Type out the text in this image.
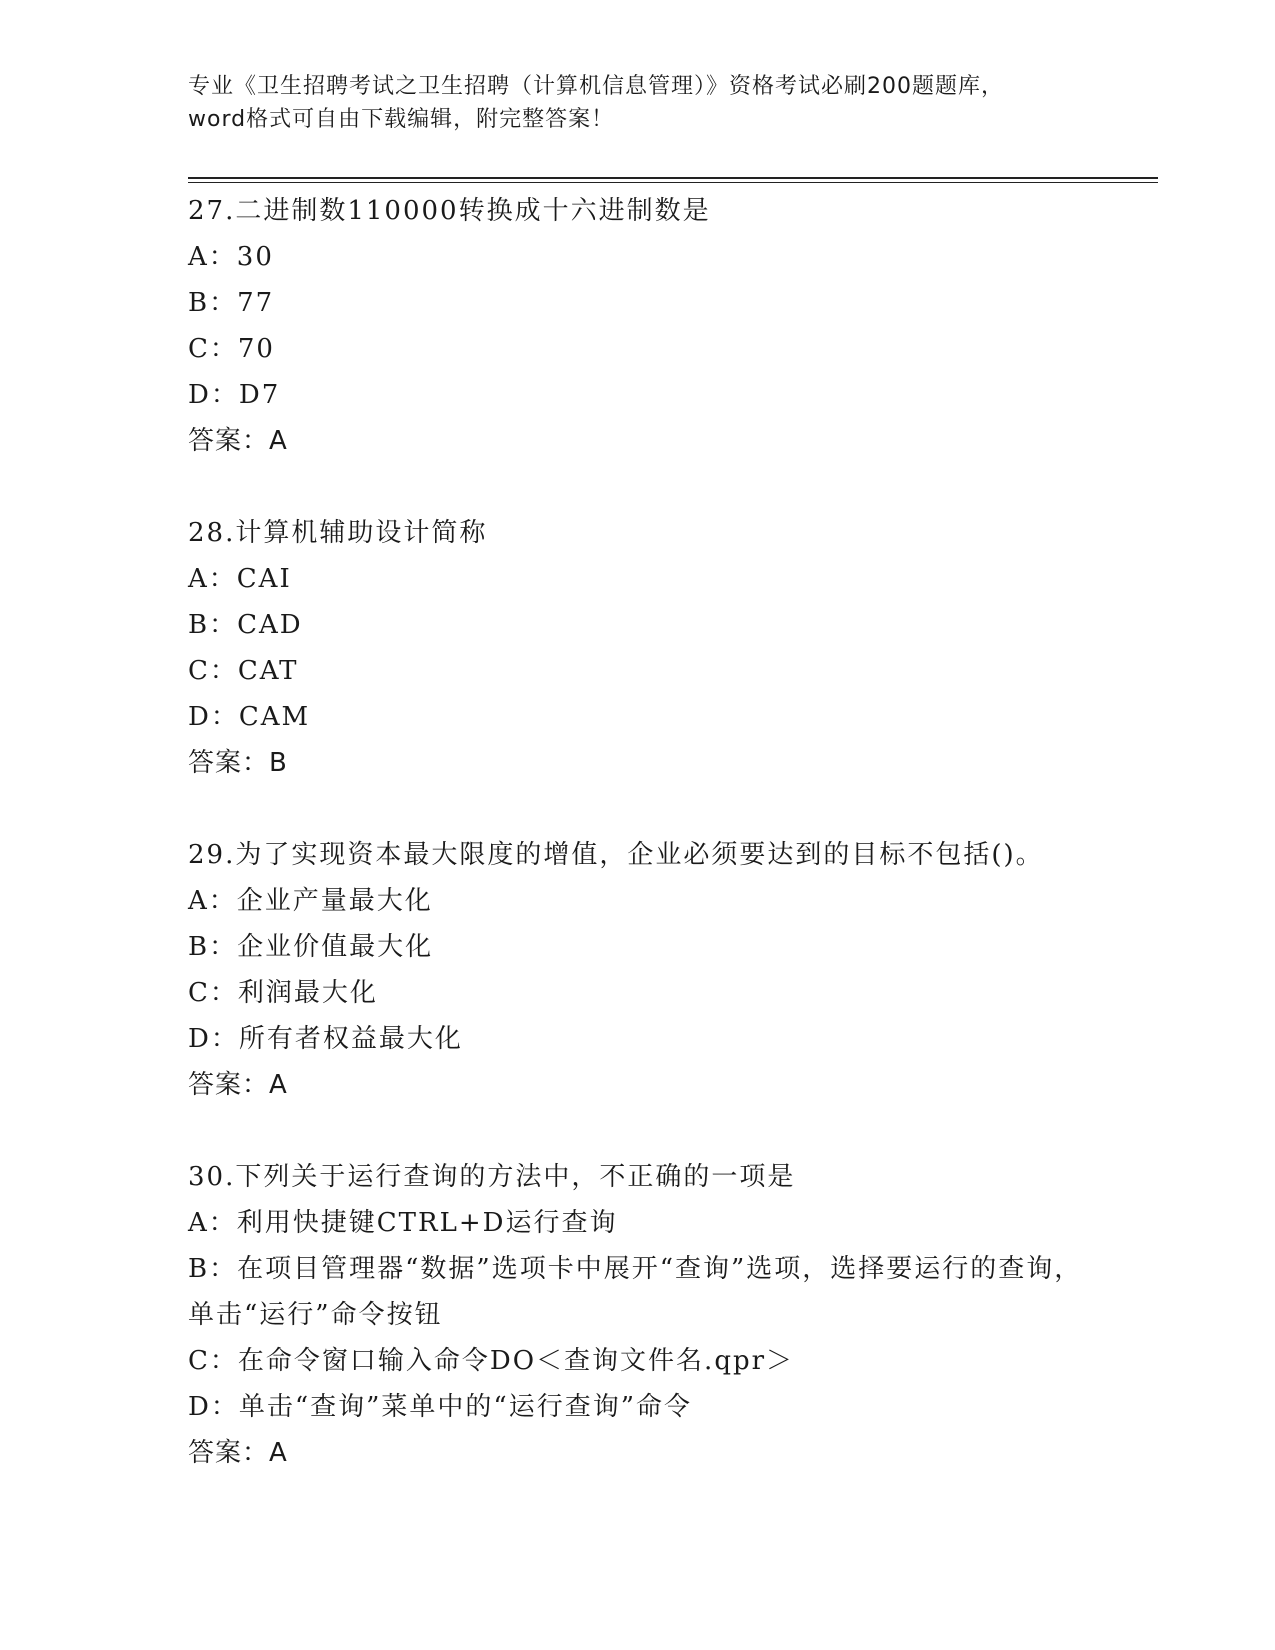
专业《卫生招聘考试之卫生招聘（计算机信息管理）》资格考试必刷200题题库，
word格式可自由下载编辑，附完整答案！
27.二进制数110000转换成十六进制数是
A：30
B：77
C：70
D：D7
答案：A
28.计算机辅助设计简称
A：CAI
B：CAD
C：CAT
D：CAM
答案：B
29.为了实现资本最大限度的增值，企业必须要达到的目标不包括()。
A：企业产量最大化
B：企业价值最大化
C：利润最大化
D：所有者权益最大化
答案：A
30.下列关于运行查询的方法中，不正确的一项是
A：利用快捷键CTRL+D运行查询
B：在项目管理器“数据”选项卡中展开“查询”选项，选择要运行的查询，单击“运行”命令按钮
C：在命令窗口输入命令DO＜查询文件名.qpr＞
D：单击“查询”菜单中的“运行查询”命令
答案：A
